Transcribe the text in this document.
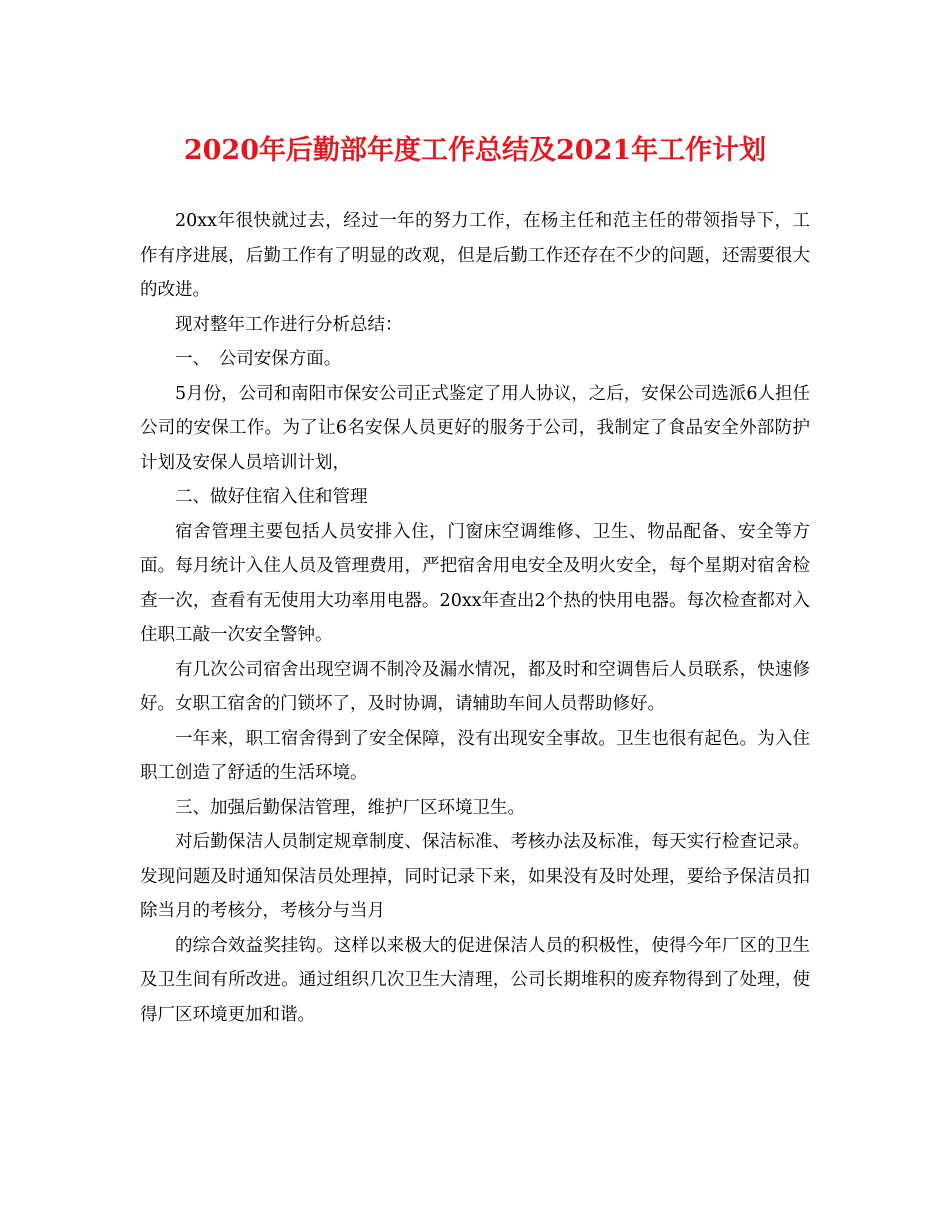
2020年后勤部年度工作总结及2021年工作计划

20xx年很快就过去，经过一年的努力工作，在杨主任和范主任的带领指导下，工作有序进展，后勤工作有了明显的改观，但是后勤工作还存在不少的问题，还需要很大的改进。

现对整年工作进行分析总结：

一、　公司安保方面。

5月份，公司和南阳市保安公司正式鉴定了用人协议，之后，安保公司选派6人担任公司的安保工作。为了让6名安保人员更好的服务于公司，我制定了食品安全外部防护计划及安保人员培训计划，

二、做好住宿入住和管理

宿舍管理主要包括人员安排入住，门窗床空调维修、卫生、物品配备、安全等方面。每月统计入住人员及管理费用，严把宿舍用电安全及明火安全，每个星期对宿舍检查一次，查看有无使用大功率用电器。20xx年查出2个热的快用电器。每次检查都对入住职工敲一次安全警钟。

有几次公司宿舍出现空调不制冷及漏水情况，都及时和空调售后人员联系，快速修好。女职工宿舍的门锁坏了，及时协调，请辅助车间人员帮助修好。

一年来，职工宿舍得到了安全保障，没有出现安全事故。卫生也很有起色。为入住职工创造了舒适的生活环境。

三、加强后勤保洁管理，维护厂区环境卫生。

对后勤保洁人员制定规章制度、保洁标准、考核办法及标准，每天实行检查记录。发现问题及时通知保洁员处理掉，同时记录下来，如果没有及时处理，要给予保洁员扣除当月的考核分，考核分与当月

的综合效益奖挂钩。这样以来极大的促进保洁人员的积极性，使得今年厂区的卫生及卫生间有所改进。通过组织几次卫生大清理，公司长期堆积的废弃物得到了处理，使得厂区环境更加和谐。
